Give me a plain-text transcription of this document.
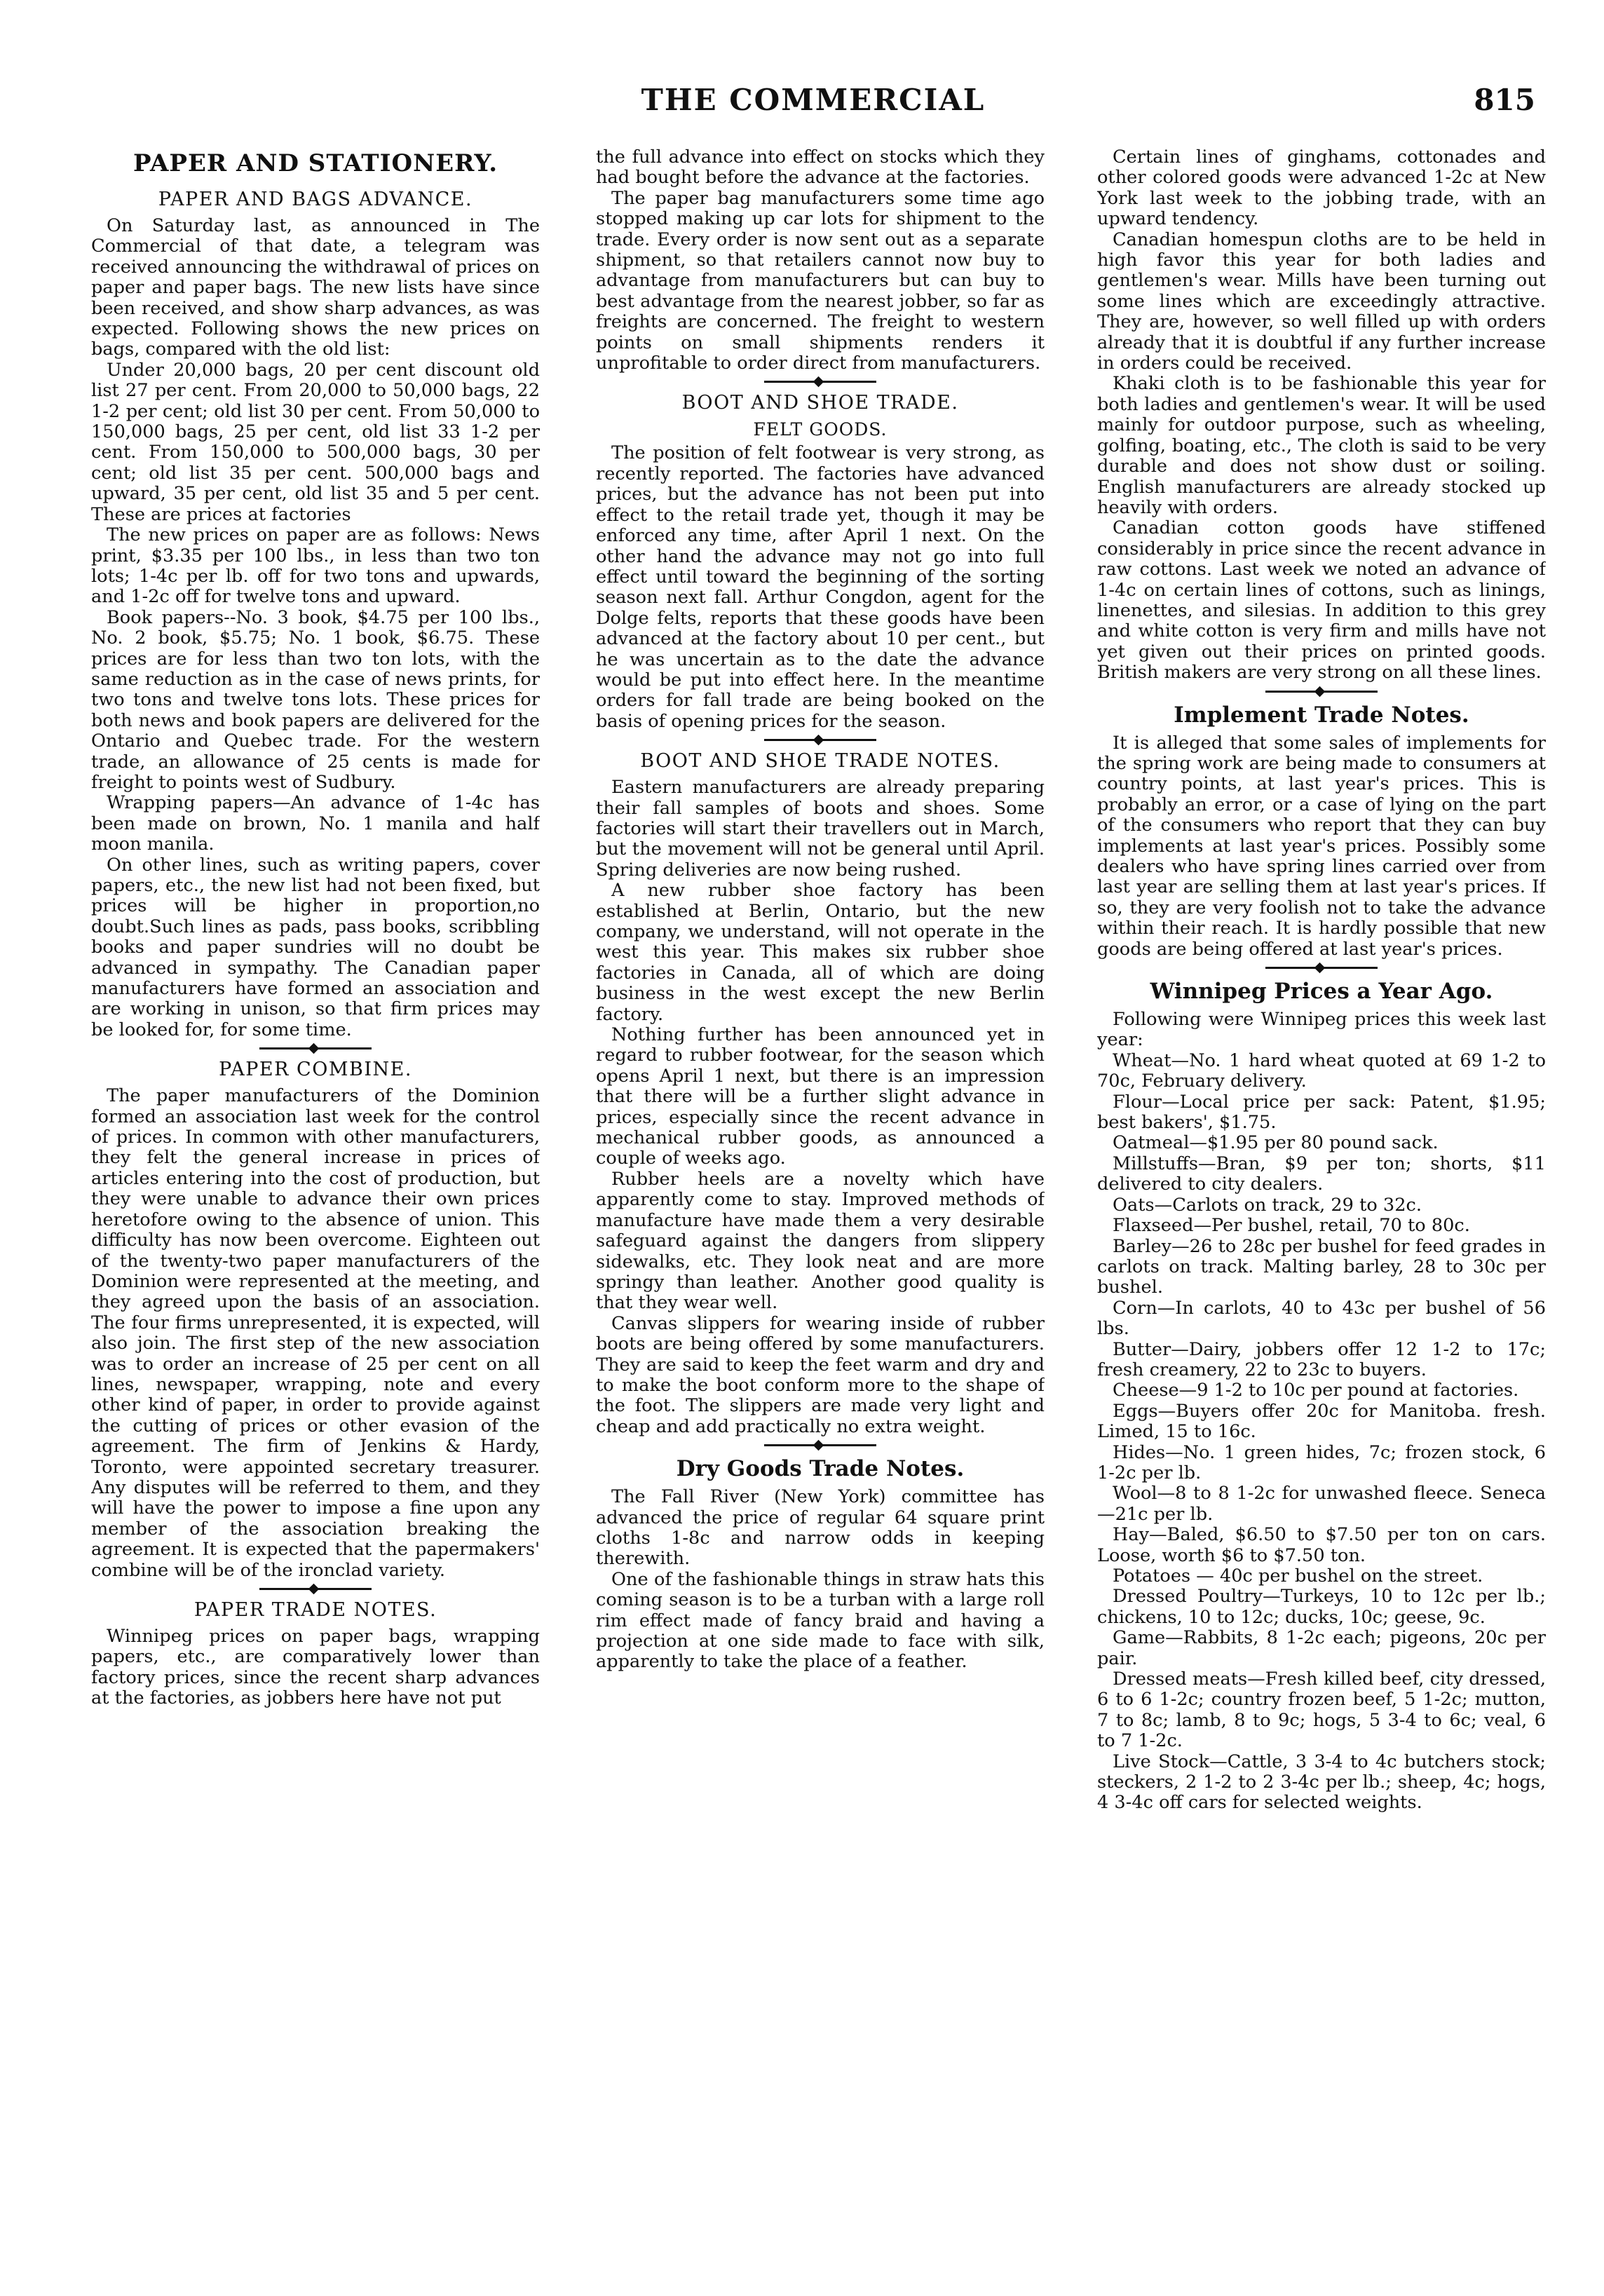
THE COMMERCIAL	815
PAPER AND STATIONERY.
PAPER AND BAGS ADVANCE.

On Saturday last, as announced in The Commercial of that date, a telegram was received announcing the withdrawal of prices on paper and paper bags. The new lists have since been received, and show sharp advances, as was expected. Following shows the new prices on bags, compared with the old list:

Under 20,000 bags, 20 per cent discount old list 27 per cent. From 20,000 to 50,000 bags, 22 1-2 per cent; old list 30 per cent. From 50,000 to 150,000 bags, 25 per cent, old list 33 1-2 per cent. From 150,000 to 500,000 bags, 30 per cent; old list 35 per cent. 500,000 bags and upward, 35 per cent, old list 35 and 5 per cent. These are prices at factories

The new prices on paper are as follows: News print, $3.35 per 100 lbs., in less than two ton lots; 1-4c per lb. off for two tons and upwards, and 1-2c off for twelve tons and upward.

Book papers--No. 3 book, $4.75 per 100 lbs., No. 2 book, $5.75; No. 1 book, $6.75. These prices are for less than two ton lots, with the same reduction as in the case of news prints, for two tons and twelve tons lots. These prices for both news and book papers are delivered for the Ontario and Quebec trade. For the western trade, an allowance of 25 cents is made for freight to points west of Sudbury.

Wrapping papers—An advance of 1-4c has been made on brown, No. 1 manila and half moon manila.

On other lines, such as writing papers, cover papers, etc., the new list had not been fixed, but prices will be higher in proportion,no doubt.Such lines as pads, pass books, scribbling books and paper sundries will no doubt be advanced in sympathy. The Canadian paper manufacturers have formed an association and are working in unison, so that firm prices may be looked for, for some time.

PAPER COMBINE.

The paper manufacturers of the Dominion formed an association last week for the control of prices. In common with other manufacturers, they felt the general increase in prices of articles entering into the cost of production, but they were unable to advance their own prices heretofore owing to the absence of union. This difficulty has now been overcome. Eighteen out of the twenty-two paper manufacturers of the Dominion were represented at the meeting, and they agreed upon the basis of an association. The four firms unrepresented, it is expected, will also join. The first step of the new association was to order an increase of 25 per cent on all lines, newspaper, wrapping, note and every other kind of paper, in order to provide against the cutting of prices or other evasion of the agreement. The firm of Jenkins & Hardy, Toronto, were appointed secretary treasurer. Any disputes will be referred to them, and they will have the power to impose a fine upon any member of the association breaking the agreement. It is expected that the papermakers' combine will be of the ironclad variety.

PAPER TRADE NOTES.

Winnipeg prices on paper bags, wrapping papers, etc., are comparatively lower than factory prices, since the recent sharp advances at the factories, as jobbers here have not put

the full advance into effect on stocks which they had bought before the advance at the factories.

The paper bag manufacturers some time ago stopped making up car lots for shipment to the trade. Every order is now sent out as a separate shipment, so that retailers cannot now buy to advantage from manufacturers but can buy to best advantage from the nearest jobber, so far as freights are concerned. The freight to western points on small shipments renders it unprofitable to order direct from manufacturers.

BOOT AND SHOE TRADE.
FELT GOODS.

The position of felt footwear is very strong, as recently reported. The factories have advanced prices, but the advance has not been put into effect to the retail trade yet, though it may be enforced any time, after April 1 next. On the other hand the advance may not go into full effect until toward the beginning of the sorting season next fall. Arthur Congdon, agent for the Dolge felts, reports that these goods have been advanced at the factory about 10 per cent., but he was uncertain as to the date the advance would be put into effect here. In the meantime orders for fall trade are being booked on the basis of opening prices for the season.

BOOT AND SHOE TRADE NOTES.

Eastern manufacturers are already preparing their fall samples of boots and shoes. Some factories will start their travellers out in March, but the movement will not be general until April. Spring deliveries are now being rushed.

A new rubber shoe factory has been established at Berlin, Ontario, but the new company, we understand, will not operate in the west this year. This makes six rubber shoe factories in Canada, all of which are doing business in the west except the new Berlin factory.

Nothing further has been announced yet in regard to rubber footwear, for the season which opens April 1 next, but there is an impression that there will be a further slight advance in prices, especially since the recent advance in mechanical rubber goods, as announced a couple of weeks ago.

Rubber heels are a novelty which have apparently come to stay. Improved methods of manufacture have made them a very desirable safeguard against the dangers from slippery sidewalks, etc. They look neat and are more springy than leather. Another good quality is that they wear well.

Canvas slippers for wearing inside of rubber boots are being offered by some manufacturers. They are said to keep the feet warm and dry and to make the boot conform more to the shape of the foot. The slippers are made very light and cheap and add practically no extra weight.

Dry Goods Trade Notes.

The Fall River (New York) committee has advanced the price of regular 64 square print cloths 1-8c and narrow odds in keeping therewith.

One of the fashionable things in straw hats this coming season is to be a turban with a large roll rim effect made of fancy braid and having a projection at one side made to face with silk, apparently to take the place of a feather.

Certain lines of ginghams, cottonades and other colored goods were advanced 1-2c at New York last week to the jobbing trade, with an upward tendency.

Canadian homespun cloths are to be held in high favor this year for both ladies and gentlemen's wear. Mills have been turning out some lines which are exceedingly attractive. They are, however, so well filled up with orders already that it is doubtful if any further increase in orders could be received.

Khaki cloth is to be fashionable this year for both ladies and gentlemen's wear. It will be used mainly for outdoor purpose, such as wheeling, golfing, boating, etc., The cloth is said to be very durable and does not show dust or soiling. English manufacturers are already stocked up heavily with orders.

Canadian cotton goods have stiffened considerably in price since the recent advance in raw cottons. Last week we noted an advance of 1-4c on certain lines of cottons, such as linings, linenettes, and silesias. In addition to this grey and white cotton is very firm and mills have not yet given out their prices on printed goods. British makers are very strong on all these lines.

Implement Trade Notes.

It is alleged that some sales of implements for the spring work are being made to consumers at country points, at last year's prices. This is probably an error, or a case of lying on the part of the consumers who report that they can buy implements at last year's prices. Possibly some dealers who have spring lines carried over from last year are selling them at last year's prices. If so, they are very foolish not to take the advance within their reach. It is hardly possible that new goods are being offered at last year's prices.

Winnipeg Prices a Year Ago.

Following were Winnipeg prices this week last year:

Wheat—No. 1 hard wheat quoted at 69 1-2 to 70c, February delivery.

Flour—Local price per sack: Patent, $1.95; best bakers', $1.75.

Oatmeal—$1.95 per 80 pound sack.

Millstuffs—Bran, $9 per ton; shorts, $11 delivered to city dealers.

Oats—Carlots on track, 29 to 32c.

Flaxseed—Per bushel, retail, 70 to 80c.

Barley—26 to 28c per bushel for feed grades in carlots on track. Malting barley, 28 to 30c per bushel.

Corn—In carlots, 40 to 43c per bushel of 56 lbs.

Butter—Dairy, jobbers offer 12 1-2 to 17c; fresh creamery, 22 to 23c to buyers.

Cheese—9 1-2 to 10c per pound at factories.

Eggs—Buyers offer 20c for Manitoba. fresh. Limed, 15 to 16c.

Hides—No. 1 green hides, 7c; frozen stock, 6 1-2c per lb.

Wool—8 to 8 1-2c for unwashed fleece. Seneca—21c per lb.

Hay—Baled, $6.50 to $7.50 per ton on cars. Loose, worth $6 to $7.50 ton.

Potatoes — 40c per bushel on the street.

Dressed Poultry—Turkeys, 10 to 12c per lb.; chickens, 10 to 12c; ducks, 10c; geese, 9c.

Game—Rabbits, 8 1-2c each; pigeons, 20c per pair.

Dressed meats—Fresh killed beef, city dressed, 6 to 6 1-2c; country frozen beef, 5 1-2c; mutton, 7 to 8c; lamb, 8 to 9c; hogs, 5 3-4 to 6c; veal, 6 to 7 1-2c.

Live Stock—Cattle, 3 3-4 to 4c butchers stock; steckers, 2 1-2 to 2 3-4c per lb.; sheep, 4c; hogs, 4 3-4c off cars for selected weights.
